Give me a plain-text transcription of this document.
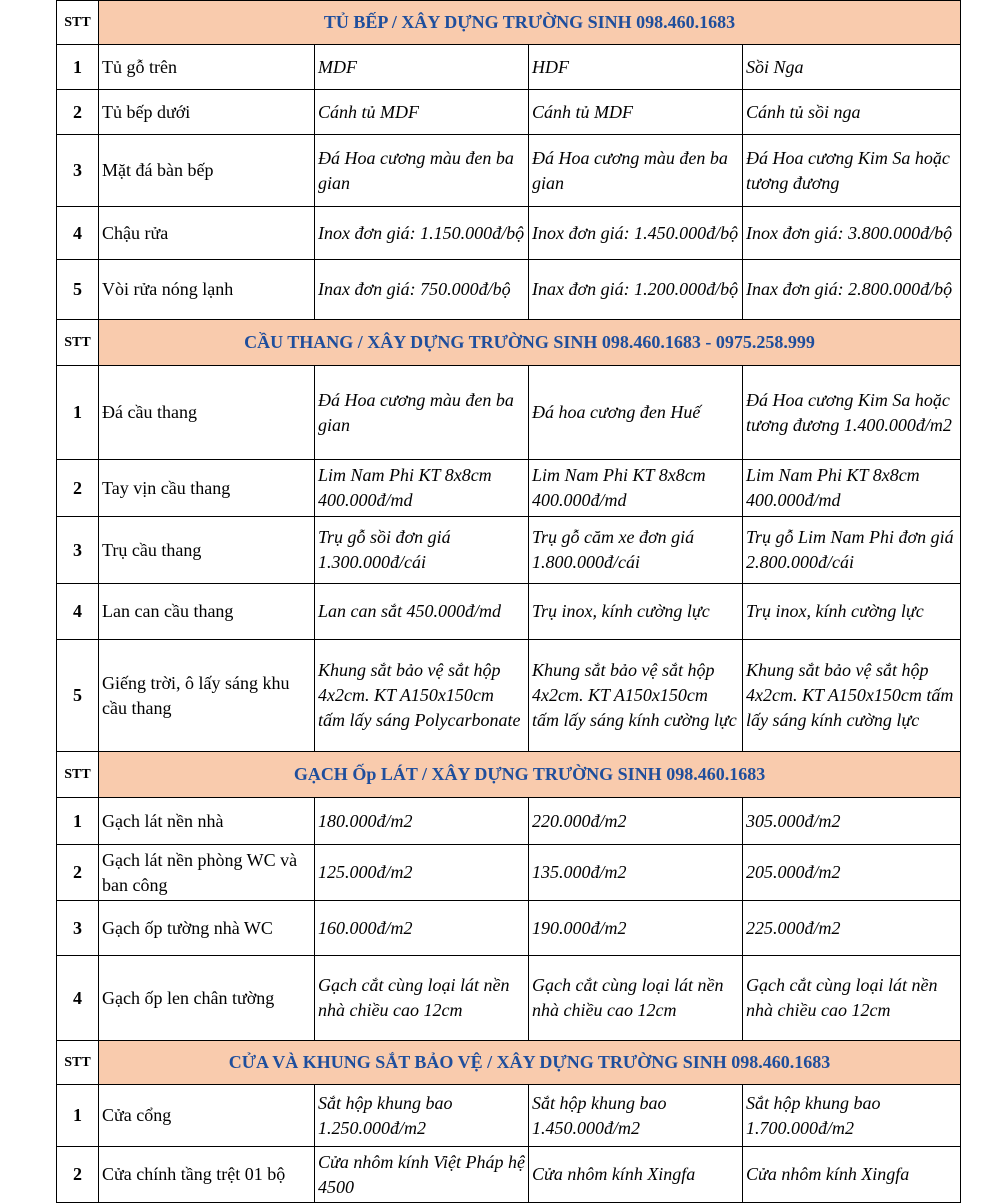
STT	TỦ BẾP / XÂY DỰNG TRƯỜNG SINH 098.460.1683			
1	Tủ gỗ trên	MDF	HDF	Sồi Nga
2	Tủ bếp dưới	Cánh tủ MDF	Cánh tủ MDF	Cánh tủ sồi nga
3	Mặt đá bàn bếp	Đá Hoa cương màu đen ba gian	Đá Hoa cương màu đen ba gian	Đá Hoa cương Kim Sa hoặc tương đương
4	Chậu rửa	Inox đơn giá: 1.150.000đ/bộ	Inox đơn giá: 1.450.000đ/bộ	Inox đơn giá: 3.800.000đ/bộ
5	Vòi rửa nóng lạnh	Inax đơn giá: 750.000đ/bộ	Inax đơn giá: 1.200.000đ/bộ	Inax đơn giá: 2.800.000đ/bộ
STT	CẦU THANG / XÂY DỰNG TRƯỜNG SINH 098.460.1683 - 0975.258.999			
1	Đá cầu thang	Đá Hoa cương màu đen ba gian	Đá hoa cương đen Huế	Đá Hoa cương Kim Sa hoặc tương đương 1.400.000đ/m2
2	Tay vịn cầu thang	Lim Nam Phi KT 8x8cm 400.000đ/md	Lim Nam Phi KT 8x8cm 400.000đ/md	Lim Nam Phi KT 8x8cm 400.000đ/md
3	Trụ cầu thang	Trụ gỗ sồi đơn giá 1.300.000đ/cái	Trụ gỗ căm xe đơn giá 1.800.000đ/cái	Trụ gỗ Lim Nam Phi đơn giá 2.800.000đ/cái
4	Lan can cầu thang	Lan can sắt 450.000đ/md	Trụ inox, kính cường lực	Trụ inox, kính cường lực
5	Giếng trời, ô lấy sáng khu cầu thang	Khung sắt bảo vệ sắt hộp 4x2cm. KT A150x150cm tấm lấy sáng Polycarbonate	Khung sắt bảo vệ sắt hộp 4x2cm. KT A150x150cm tấm lấy sáng kính cường lực	Khung sắt bảo vệ sắt hộp 4x2cm. KT A150x150cm tấm lấy sáng kính cường lực
STT	GẠCH Ốp LÁT / XÂY DỰNG TRƯỜNG SINH 098.460.1683			
1	Gạch lát nền nhà	180.000đ/m2	220.000đ/m2	305.000đ/m2
2	Gạch lát nền phòng WC và ban công	125.000đ/m2	135.000đ/m2	205.000đ/m2
3	Gạch ốp tường nhà WC	160.000đ/m2	190.000đ/m2	225.000đ/m2
4	Gạch ốp len chân tường	Gạch cắt cùng loại lát nền nhà chiều cao 12cm	Gạch cắt cùng loại lát nền nhà chiều cao 12cm	Gạch cắt cùng loại lát nền nhà chiều cao 12cm
STT	CỬA VÀ KHUNG SẮT BẢO VỆ / XÂY DỰNG TRƯỜNG SINH 098.460.1683			
1	Cửa cổng	Sắt hộp khung bao 1.250.000đ/m2	Sắt hộp khung bao 1.450.000đ/m2	Sắt hộp khung bao 1.700.000đ/m2
2	Cửa chính tầng trệt 01 bộ	Cửa nhôm kính Việt Pháp hệ 4500	Cửa nhôm kính Xingfa	Cửa nhôm kính Xingfa
